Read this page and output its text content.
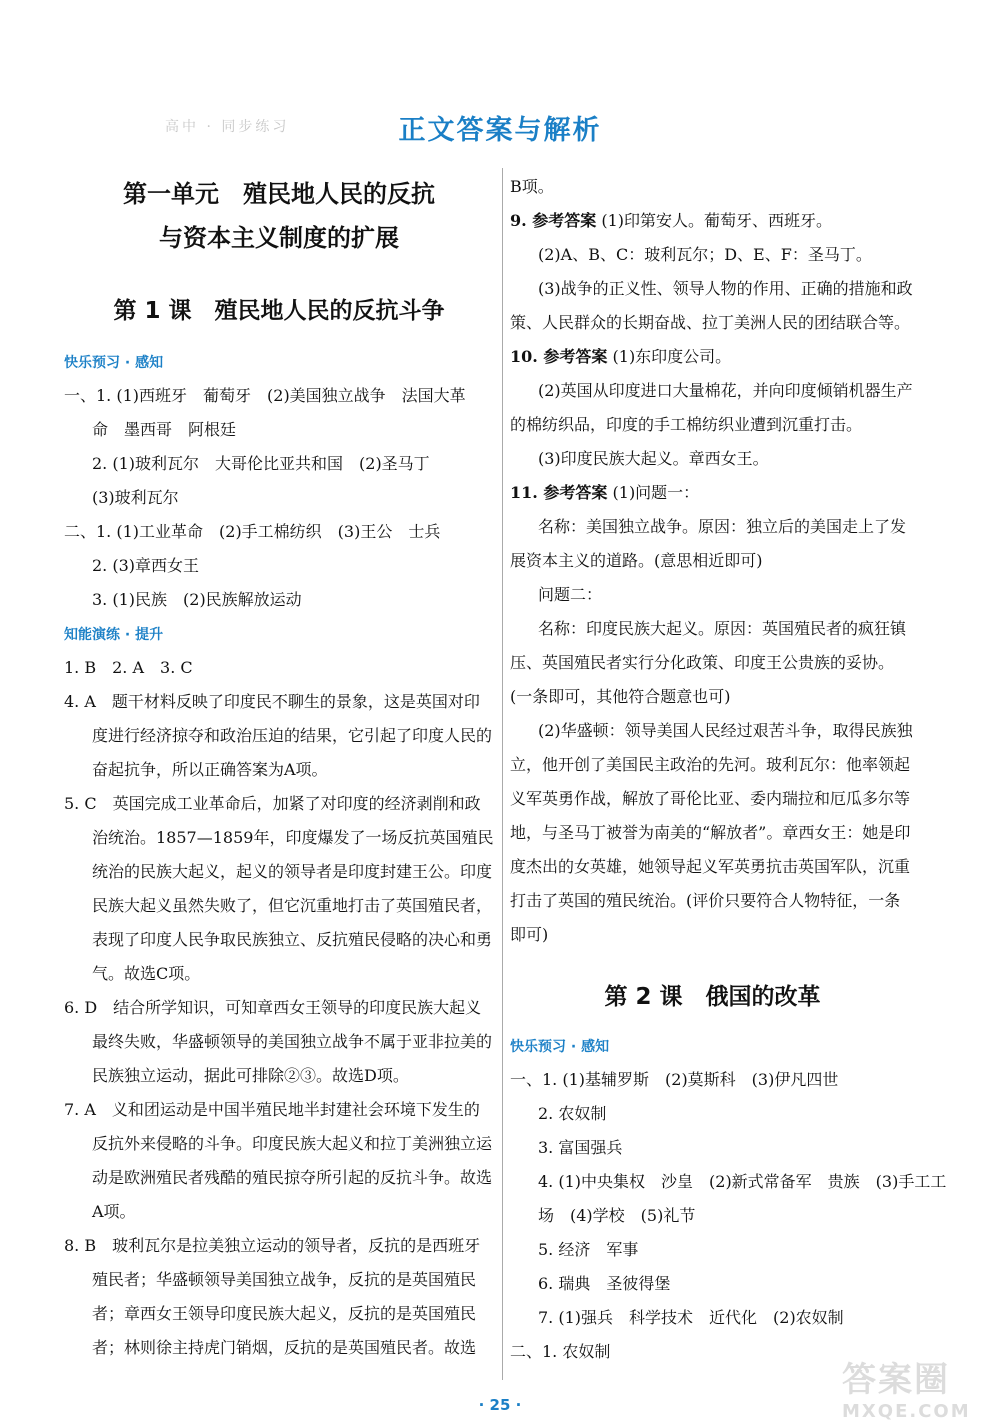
高中 · 同步练习	正文答案与解析
第一单元　殖民地人民的反抗
与资本主义制度的扩展
第 1 课　殖民地人民的反抗斗争
快乐预习 · 感知
一、1. (1)西班牙　葡萄牙　(2)美国独立战争　法国大革
命　墨西哥　阿根廷
2. (1)玻利瓦尔　大哥伦比亚共和国　(2)圣马丁
(3)玻利瓦尔
二、1. (1)工业革命　(2)手工棉纺织　(3)王公　士兵
2. (3)章西女王
3. (1)民族　(2)民族解放运动
知能演练 · 提升
1. B　2. A　3. C
4. A　题干材料反映了印度民不聊生的景象，这是英国对印度进行经济掠夺和政治压迫的结果，它引起了印度人民的奋起抗争，所以正确答案为A项。
5. C　英国完成工业革命后，加紧了对印度的经济剥削和政治统治。1857—1859年，印度爆发了一场反抗英国殖民统治的民族大起义，起义的领导者是印度封建王公。印度民族大起义虽然失败了，但它沉重地打击了英国殖民者，表现了印度人民争取民族独立、反抗殖民侵略的决心和勇气。故选C项。
6. D　结合所学知识，可知章西女王领导的印度民族大起义最终失败，华盛顿领导的美国独立战争不属于亚非拉美的民族独立运动，据此可排除②③。故选D项。
7. A　义和团运动是中国半殖民地半封建社会环境下发生的反抗外来侵略的斗争。印度民族大起义和拉丁美洲独立运动是欧洲殖民者残酷的殖民掠夺所引起的反抗斗争。故选A项。
8. B　玻利瓦尔是拉美独立运动的领导者，反抗的是西班牙殖民者；华盛顿领导美国独立战争，反抗的是英国殖民者；章西女王领导印度民族大起义，反抗的是英国殖民者；林则徐主持虎门销烟，反抗的是英国殖民者。故选
B项。
9. 参考答案 (1)印第安人。葡萄牙、西班牙。
(2)A、B、C：玻利瓦尔；D、E、F：圣马丁。
(3)战争的正义性、领导人物的作用、正确的措施和政策、人民群众的长期奋战、拉丁美洲人民的团结联合等。
10. 参考答案 (1)东印度公司。
(2)英国从印度进口大量棉花，并向印度倾销机器生产的棉纺织品，印度的手工棉纺织业遭到沉重打击。
(3)印度民族大起义。章西女王。
11. 参考答案 (1)问题一：
名称：美国独立战争。原因：独立后的美国走上了发展资本主义的道路。(意思相近即可)
问题二：
名称：印度民族大起义。原因：英国殖民者的疯狂镇压、英国殖民者实行分化政策、印度王公贵族的妥协。(一条即可，其他符合题意也可)
(2)华盛顿：领导美国人民经过艰苦斗争，取得民族独立，他开创了美国民主政治的先河。玻利瓦尔：他率领起义军英勇作战，解放了哥伦比亚、委内瑞拉和厄瓜多尔等地，与圣马丁被誉为南美的“解放者”。章西女王：她是印度杰出的女英雄，她领导起义军英勇抗击英国军队，沉重打击了英国的殖民统治。(评价只要符合人物特征，一条即可)
第 2 课　俄国的改革
快乐预习 · 感知
一、1. (1)基辅罗斯　(2)莫斯科　(3)伊凡四世
2. 农奴制
3. 富国强兵
4. (1)中央集权　沙皇　(2)新式常备军　贵族　(3)手工工
场　(4)学校　(5)礼节
5. 经济　军事
6. 瑞典　圣彼得堡
7. (1)强兵　科学技术　近代化　(2)农奴制
二、1. 农奴制
· 25 ·
答案圈
MXQE.COM
